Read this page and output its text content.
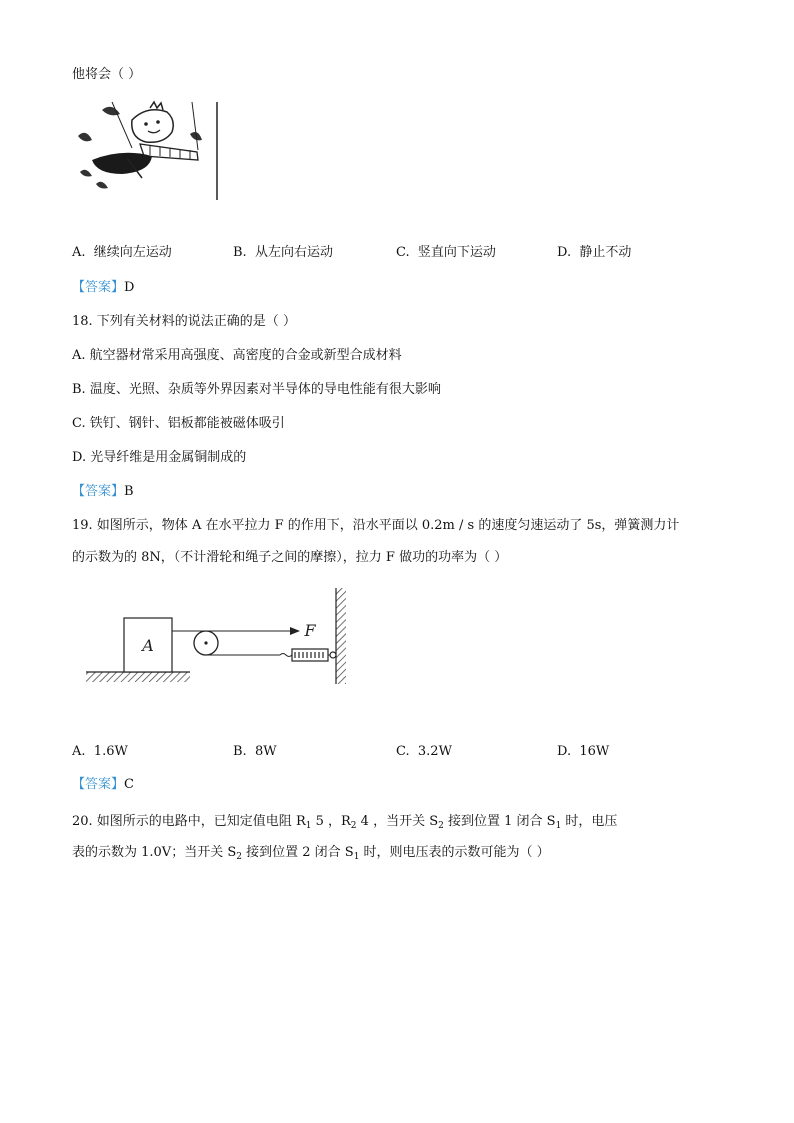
他将会（ ）
A. 继续向左运动	B. 从左向右运动	C. 竖直向下运动	D. 静止不动
【答案】D
18. 下列有关材料的说法正确的是（ ）
A. 航空器材常采用高强度、高密度的合金或新型合成材料
B. 温度、光照、杂质等外界因素对半导体的导电性能有很大影响
C. 铁钉、钢针、铝板都能被磁体吸引
D. 光导纤维是用金属铜制成的
【答案】B
19. 如图所示，物体 A 在水平拉力 F 的作用下，沿水平面以 0.2m / s 的速度匀速运动了 5s，弹簧测力计
的示数为的 8N，（不计滑轮和绳子之间的摩擦），拉力 F 做功的功率为（ ）
A
F
A. 1.6W	B. 8W	C. 3.2W	D. 16W
【答案】C
20. 如图所示的电路中，已知定值电阻 $R_1$ 5 ，$R_2$ 4 ，当开关 $S_2$ 接到位置 1 闭合 $S_1$ 时，电压
表的示数为 1.0V；当开关 $S_2$ 接到位置 2 闭合 $S_1$ 时，则电压表的示数可能为（ ）
